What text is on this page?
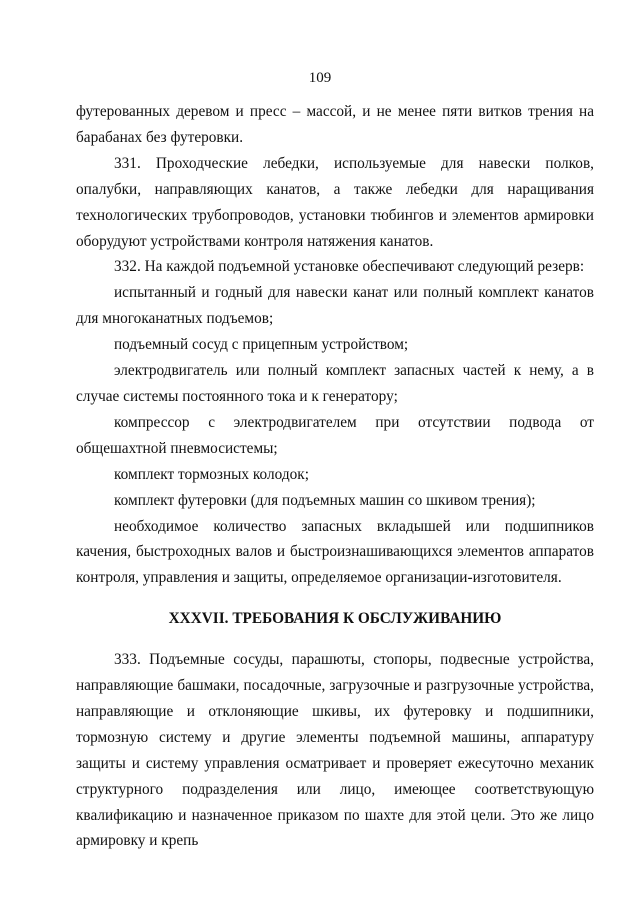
109

футерованных деревом и пресс – массой, и не менее пяти витков трения на барабанах без футеровки.

331. Проходческие лебедки, используемые для навески полков, опалубки, направляющих канатов, а также лебедки для наращивания технологических трубопроводов, установки тюбингов и элементов армировки оборудуют устройствами контроля натяжения канатов.

332. На каждой подъемной установке обеспечивают следующий резерв:

испытанный и годный для навески канат или полный комплект канатов для многоканатных подъемов;

подъемный сосуд с прицепным устройством;

электродвигатель или полный комплект запасных частей к нему, а в случае системы постоянного тока и к генератору;

компрессор с электродвигателем при отсутствии подвода от общешахтной пневмосистемы;

комплект тормозных колодок;

комплект футеровки (для подъемных машин со шкивом трения);

необходимое количество запасных вкладышей или подшипников качения, быстроходных валов и быстроизнашивающихся элементов аппаратов контроля, управления и защиты, определяемое организации-изготовителя.

XXXVII. ТРЕБОВАНИЯ К ОБСЛУЖИВАНИЮ

333. Подъемные сосуды, парашюты, стопоры, подвесные устройства, направляющие башмаки, посадочные, загрузочные и разгрузочные устройства, направляющие и отклоняющие шкивы, их футеровку и подшипники, тормозную систему и другие элементы подъемной машины, аппаратуру защиты и систему управления осматривает и проверяет ежесуточно механик структурного подразделения или лицо, имеющее соответствующую квалификацию и назначенное приказом по шахте для этой цели. Это же лицо армировку и крепь
